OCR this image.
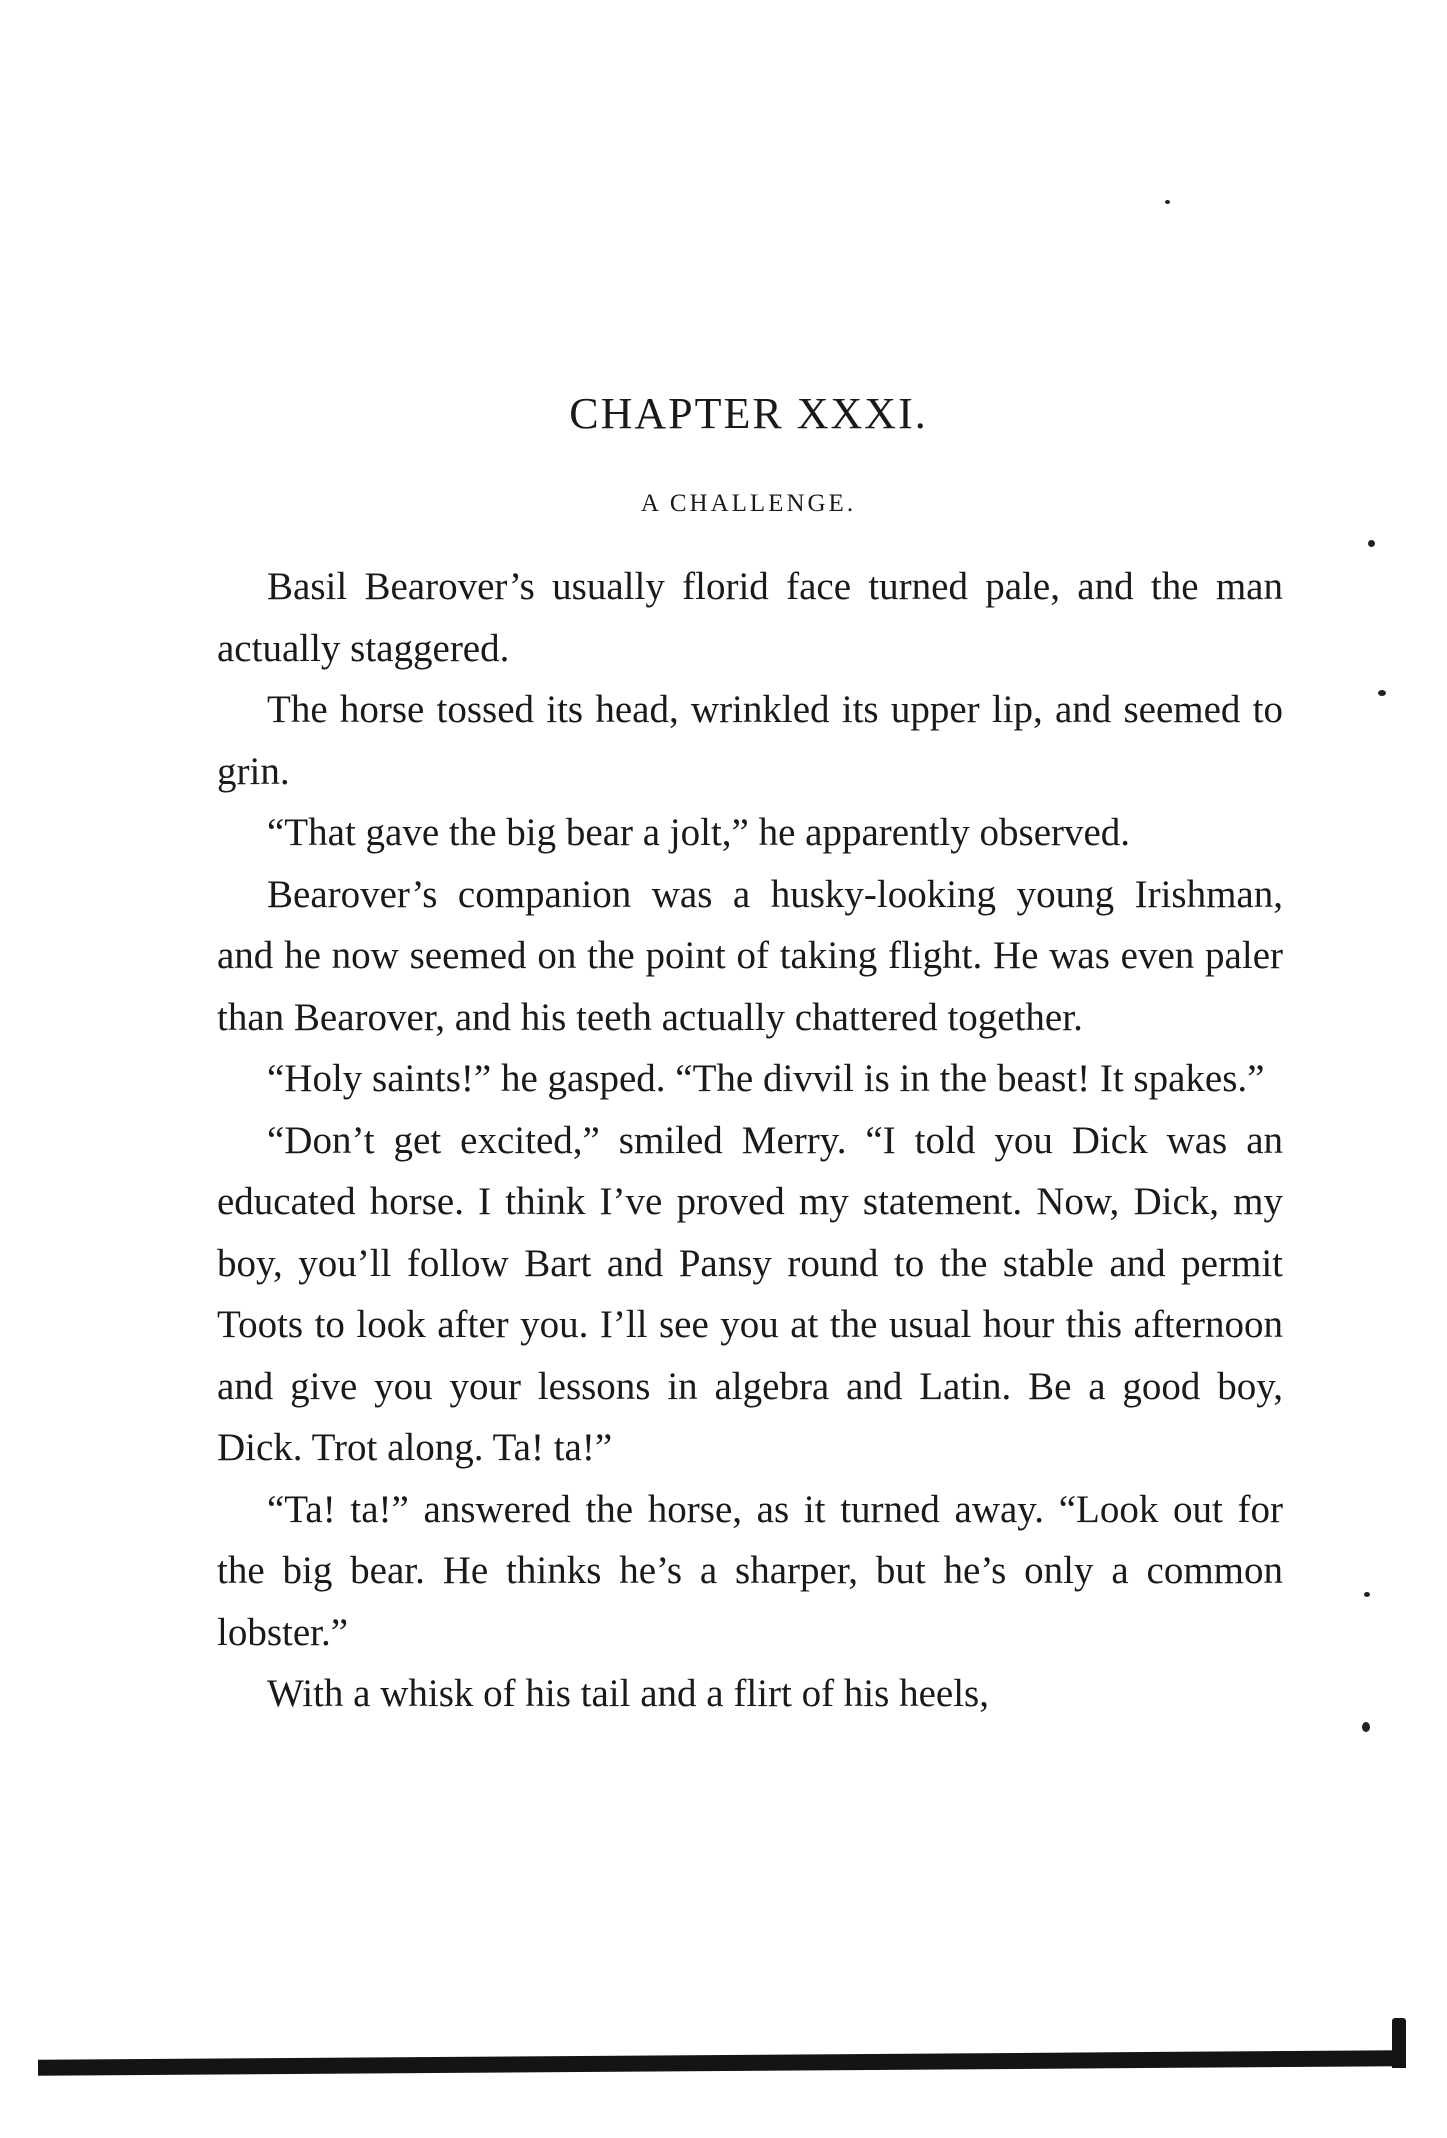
CHAPTER XXXI.
A CHALLENGE.

Basil Bearover’s usually florid face turned pale, and the man actually staggered.

The horse tossed its head, wrinkled its upper lip, and seemed to grin.

“That gave the big bear a jolt,” he apparently observed.

Bearover’s companion was a husky-looking young Irishman, and he now seemed on the point of taking flight. He was even paler than Bearover, and his teeth actually chattered together.

“Holy saints!” he gasped. “The divvil is in the beast! It spakes.”

“Don’t get excited,” smiled Merry. “I told you Dick was an educated horse. I think I’ve proved my statement. Now, Dick, my boy, you’ll follow Bart and Pansy round to the stable and permit Toots to look after you. I’ll see you at the usual hour this afternoon and give you your lessons in algebra and Latin. Be a good boy, Dick. Trot along. Ta! ta!”

“Ta! ta!” answered the horse, as it turned away. “Look out for the big bear. He thinks he’s a sharper, but he’s only a common lobster.”

With a whisk of his tail and a flirt of his heels,
